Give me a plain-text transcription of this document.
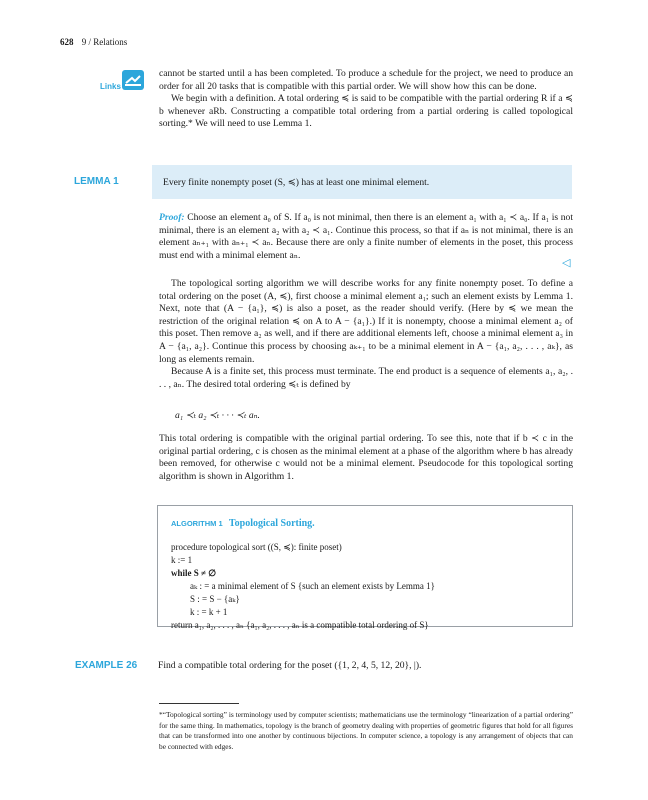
628 9 / Relations
Links

cannot be started until a has been completed. To produce a schedule for the project, we need to produce an order for all 20 tasks that is compatible with this partial order. We will show how this can be done.

We begin with a definition. A total ordering ≼ is said to be compatible with the partial ordering R if a ≼ b whenever aRb. Constructing a compatible total ordering from a partial ordering is called topological sorting.* We will need to use Lemma 1.

LEMMA 1	Every finite nonempty poset (S, ≼) has at least one minimal element.

Proof: Choose an element a₀ of S. If a₀ is not minimal, then there is an element a₁ with a₁ ≺ a₀. If a₁ is not minimal, there is an element a₂ with a₂ ≺ a₁. Continue this process, so that if aₙ is not minimal, there is an element aₙ₊₁ with aₙ₊₁ ≺ aₙ. Because there are only a finite number of elements in the poset, this process must end with a minimal element aₙ.

◁

The topological sorting algorithm we will describe works for any finite nonempty poset. To define a total ordering on the poset (A, ≼), first choose a minimal element a₁; such an element exists by Lemma 1. Next, note that (A − {a₁}, ≼) is also a poset, as the reader should verify. (Here by ≼ we mean the restriction of the original relation ≼ on A to A − {a₁}.) If it is nonempty, choose a minimal element a₂ of this poset. Then remove a₂ as well, and if there are additional elements left, choose a minimal element a₃ in A − {a₁, a₂}. Continue this process by choosing aₖ₊₁ to be a minimal element in A − {a₁, a₂, . . . , aₖ}, as long as elements remain.

Because A is a finite set, this process must terminate. The end product is a sequence of elements a₁, a₂, . . . , aₙ. The desired total ordering ≼ₜ is defined by

a₁ ≺ₜ a₂ ≺ₜ · · · ≺ₜ aₙ.

This total ordering is compatible with the original partial ordering. To see this, note that if b ≺ c in the original partial ordering, c is chosen as the minimal element at a phase of the algorithm where b has already been removed, for otherwise c would not be a minimal element. Pseudocode for this topological sorting algorithm is shown in Algorithm 1.

ALGORITHM 1 Topological Sorting.
procedure topological sort ((S, ≼): finite poset)
k := 1
while S ≠ ∅
aₖ : = a minimal element of S {such an element exists by Lemma 1}
S : = S − {aₖ}
k : = k + 1
return a₁, a₂, . . . , aₙ {a₁, a₂, . . . , aₙ is a compatible total ordering of S}
EXAMPLE 26 Find a compatible total ordering for the poset ({1, 2, 4, 5, 12, 20}, |).
*“Topological sorting” is terminology used by computer scientists; mathematicians use the terminology “linearization of a partial ordering” for the same thing. In mathematics, topology is the branch of geometry dealing with properties of geometric figures that hold for all figures that can be transformed into one another by continuous bijections. In computer science, a topology is any arrangement of objects that can be connected with edges.
